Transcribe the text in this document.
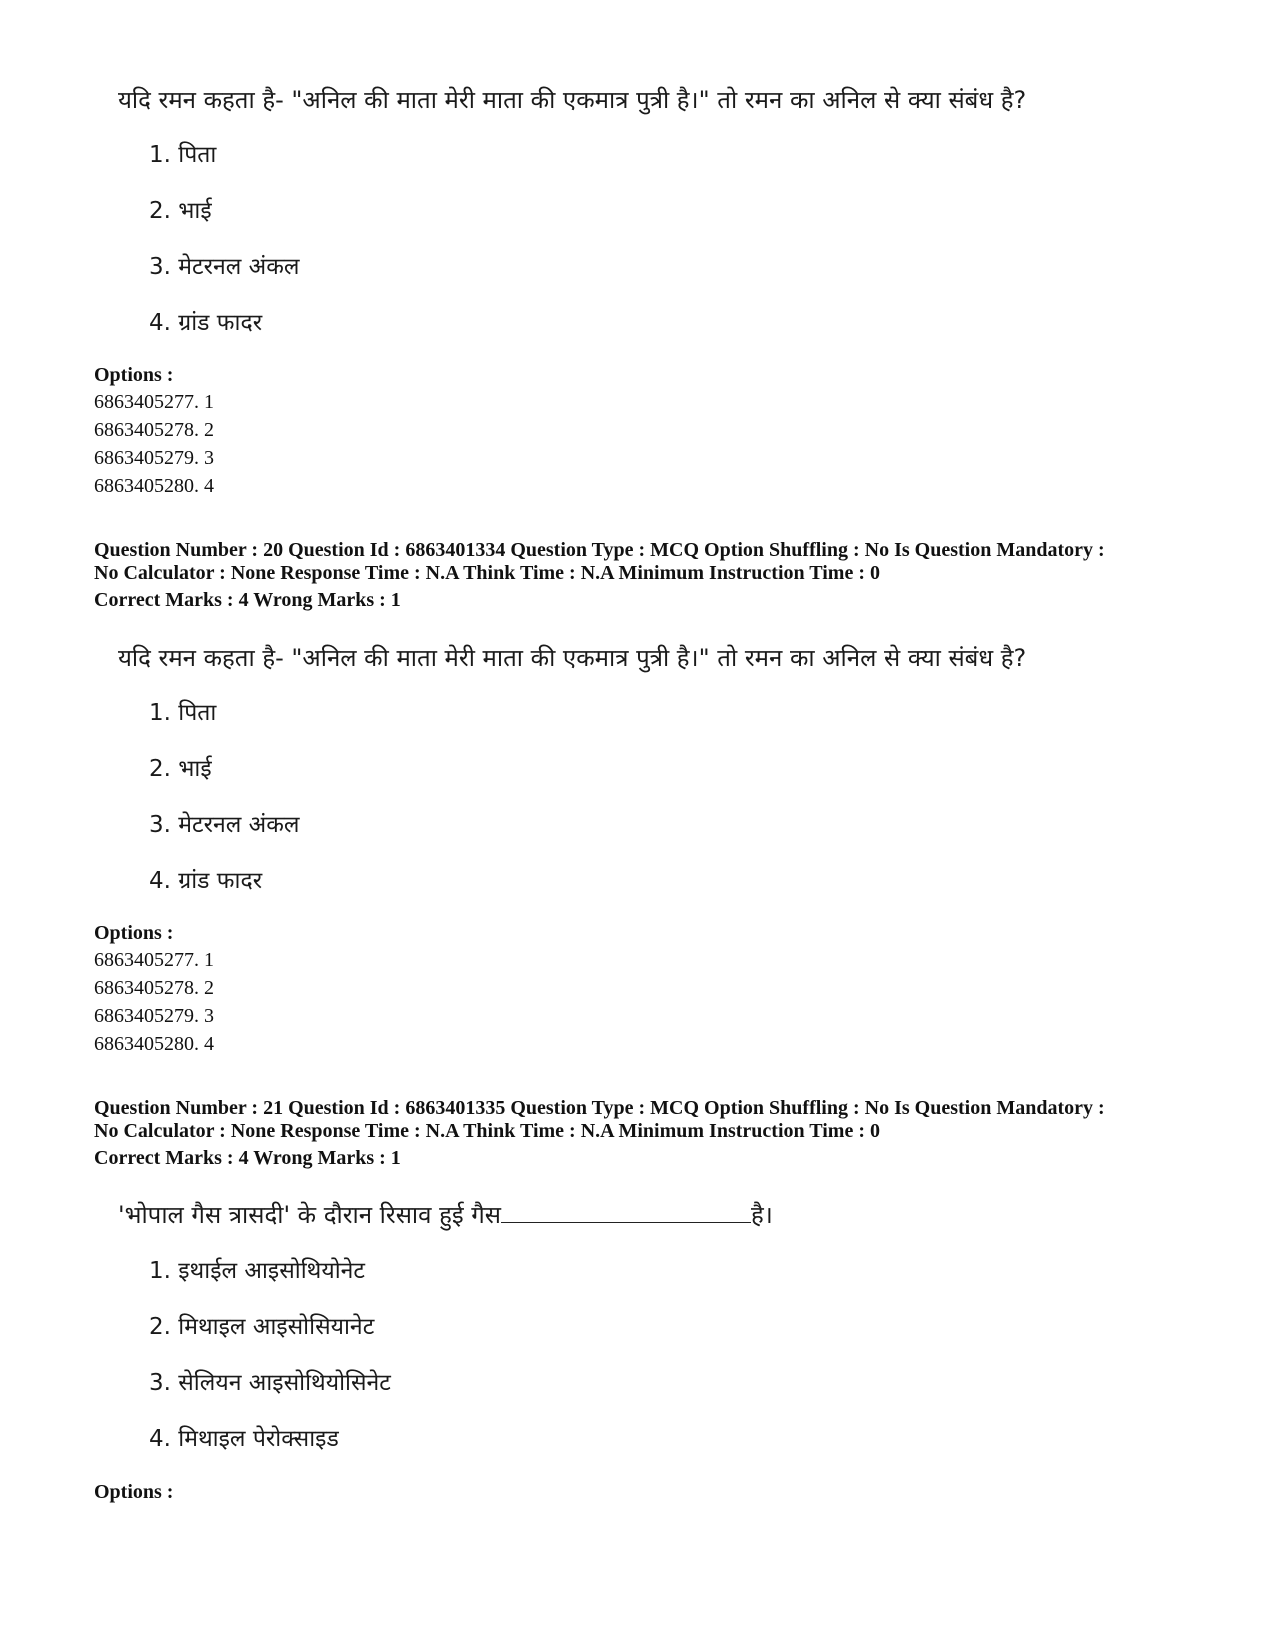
यदि रमन कहता है- "अनिल की माता मेरी माता की एकमात्र पुत्री है।" तो रमन का अनिल से क्या संबंध है?
1. पिता
2. भाई
3. मेटरनल अंकल
4. ग्रांड फादर
Options :
6863405277. 1
6863405278. 2
6863405279. 3
6863405280. 4
Question Number : 20 Question Id : 6863401334 Question Type : MCQ Option Shuffling : No Is Question Mandatory :
No Calculator : None Response Time : N.A Think Time : N.A Minimum Instruction Time : 0
Correct Marks : 4 Wrong Marks : 1
यदि रमन कहता है- "अनिल की माता मेरी माता की एकमात्र पुत्री है।" तो रमन का अनिल से क्या संबंध है?
1. पिता
2. भाई
3. मेटरनल अंकल
4. ग्रांड फादर
Options :
6863405277. 1
6863405278. 2
6863405279. 3
6863405280. 4
Question Number : 21 Question Id : 6863401335 Question Type : MCQ Option Shuffling : No Is Question Mandatory :
No Calculator : None Response Time : N.A Think Time : N.A Minimum Instruction Time : 0
Correct Marks : 4 Wrong Marks : 1
'भोपाल गैस त्रासदी' के दौरान रिसाव हुई गैस	है।
1. इथाईल आइसोथियोनेट
2. मिथाइल आइसोसियानेट
3. सेलियन आइसोथियोसिनेट
4. मिथाइल पेरोक्साइड
Options :
